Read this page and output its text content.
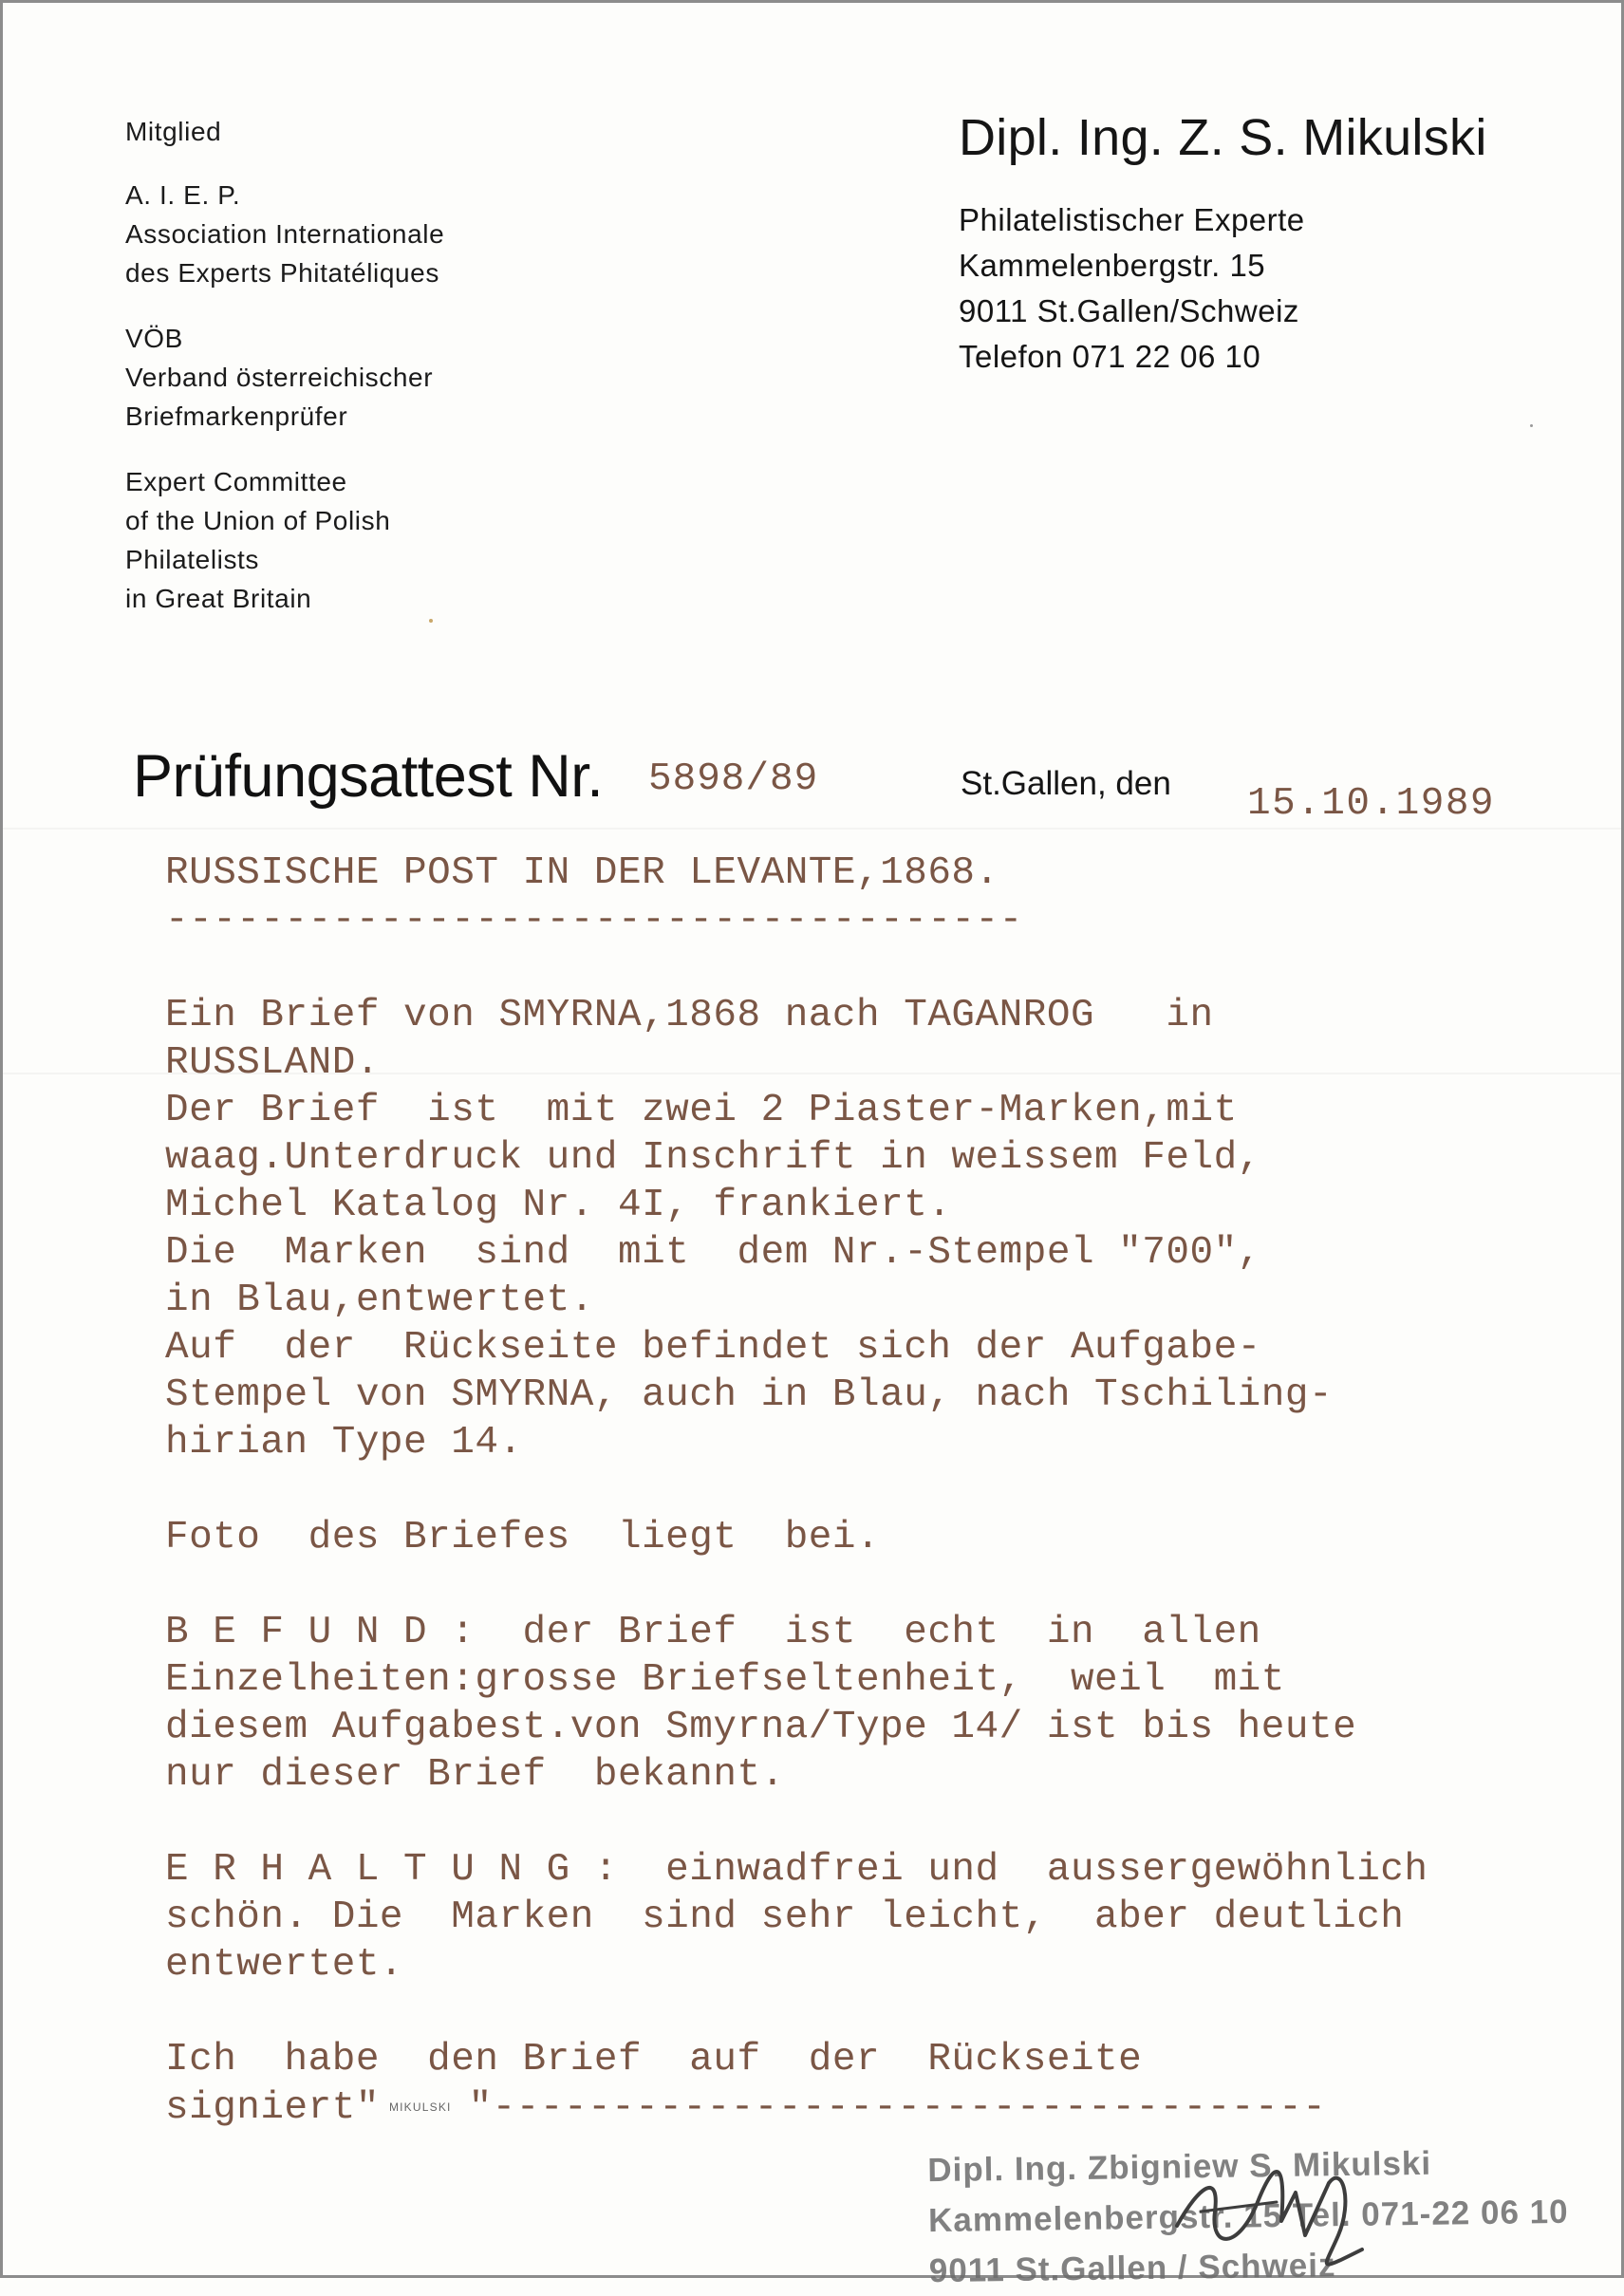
Mitglied
A. I. E. P.
Association Internationale
des Experts Phitatéliques
VÖB
Verband österreichischer
Briefmarkenprüfer
Expert Committee
of the Union of Polish
Philatelists
in Great Britain
Dipl. Ing. Z. S. Mikulski
Philatelistischer Experte
Kammelenbergstr. 15
9011 St.Gallen/Schweiz
Telefon 071 22 06 10
Prüfungsattest Nr. 5898/89	St.Gallen, den 15.10.1989
RUSSISCHE POST IN DER LEVANTE,1868.
------------------------------------
Ein Brief von SMYRNA,1868 nach TAGANROG   in
RUSSLAND.
Der Brief  ist  mit zwei 2 Piaster-Marken,mit
waag.Unterdruck und Inschrift in weissem Feld,
Michel Katalog Nr. 4I, frankiert.
Die  Marken  sind  mit  dem Nr.-Stempel "700",
in Blau,entwertet.
Auf  der  Rückseite befindet sich der Aufgabe-
Stempel von SMYRNA, auch in Blau, nach Tschiling-
hirian Type 14.
Foto  des Briefes  liegt  bei.
B E F U N D :  der Brief  ist  echt  in  allen
Einzelheiten:grosse Briefseltenheit,  weil  mit
diesem Aufgabest.von Smyrna/Type 14/ ist bis heute
nur dieser Brief  bekannt.
E R H A L T U N G :  einwadfrei und  aussergewöhnlich
schön. Die  Marken  sind sehr leicht,  aber deutlich
entwertet.
Ich  habe  den Brief  auf  der  Rückseite
signiert" MIKULSKI "-----------------------------------
Dipl. Ing. Zbigniew S. Mikulski
Kammelenbergstr. 15 Tel. 071-22 06 10
9011 St.Gallen / Schweiz
